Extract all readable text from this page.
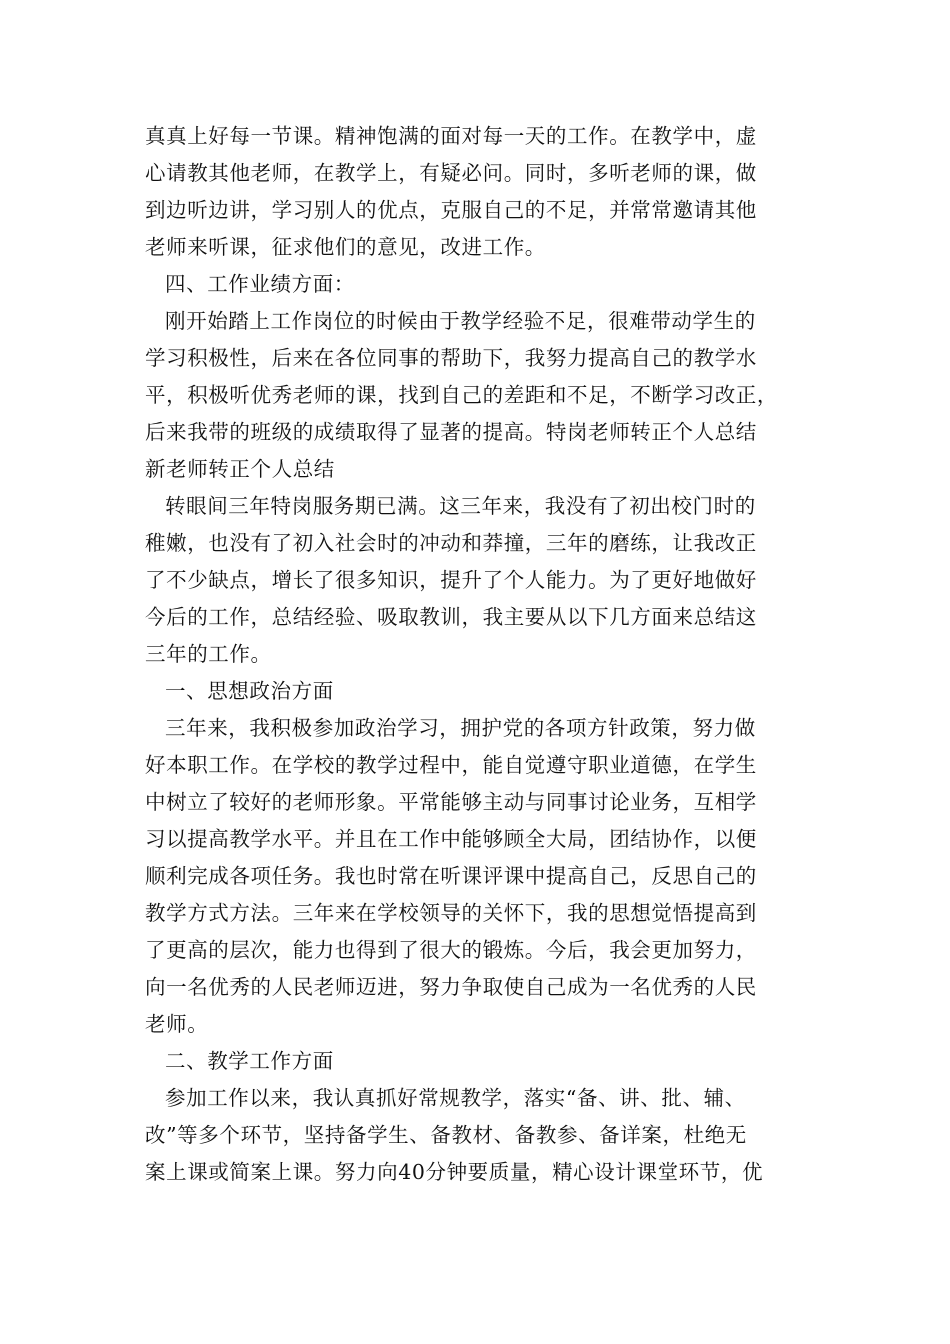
真真上好每一节课。精神饱满的面对每一天的工作。在教学中，虚
心请教其他老师，在教学上，有疑必问。同时，多听老师的课，做
到边听边讲，学习别人的优点，克服自己的不足，并常常邀请其他
老师来听课，征求他们的意见，改进工作。
四、工作业绩方面：
刚开始踏上工作岗位的时候由于教学经验不足，很难带动学生的
学习积极性，后来在各位同事的帮助下，我努力提高自己的教学水
平，积极听优秀老师的课，找到自己的差距和不足，不断学习改正，
后来我带的班级的成绩取得了显著的提高。特岗老师转正个人总结
新老师转正个人总结
转眼间三年特岗服务期已满。这三年来，我没有了初出校门时的
稚嫩，也没有了初入社会时的冲动和莽撞，三年的磨练，让我改正
了不少缺点，增长了很多知识，提升了个人能力。为了更好地做好
今后的工作，总结经验、吸取教训，我主要从以下几方面来总结这
三年的工作。
一、思想政治方面
三年来，我积极参加政治学习，拥护党的各项方针政策，努力做
好本职工作。在学校的教学过程中，能自觉遵守职业道德，在学生
中树立了较好的老师形象。平常能够主动与同事讨论业务，互相学
习以提高教学水平。并且在工作中能够顾全大局，团结协作，以便
顺利完成各项任务。我也时常在听课评课中提高自己，反思自己的
教学方式方法。三年来在学校领导的关怀下，我的思想觉悟提高到
了更高的层次，能力也得到了很大的锻炼。今后，我会更加努力，
向一名优秀的人民老师迈进，努力争取使自己成为一名优秀的人民
老师。
二、教学工作方面
参加工作以来，我认真抓好常规教学，落实“备、讲、批、辅、
改”等多个环节，坚持备学生、备教材、备教参、备详案，杜绝无
案上课或简案上课。努力向40分钟要质量，精心设计课堂环节，优
